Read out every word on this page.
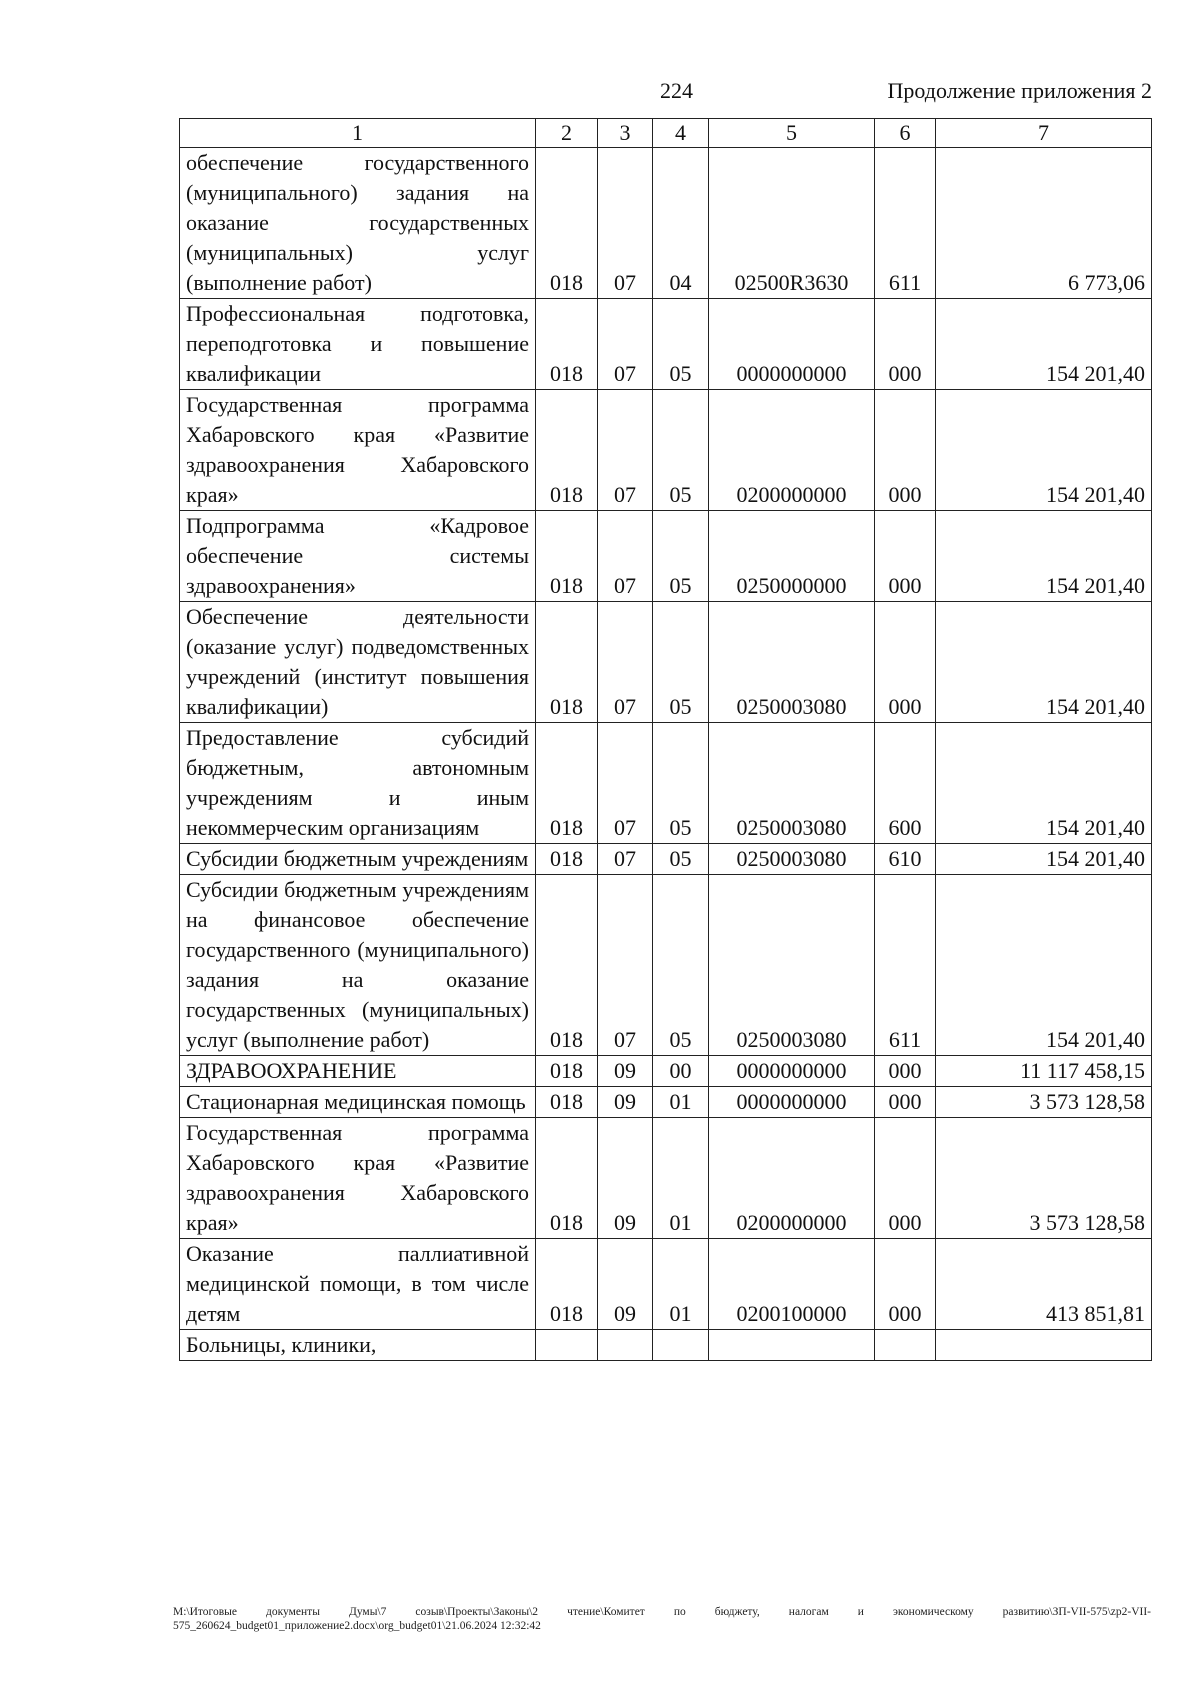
224	Продолжение приложения 2
1	2	3	4	5	6	7
обеспечение государственного (муниципального) задания на оказание государственных (муниципальных) услуг (выполнение работ)	018	07	04	02500R3630	611	6 773,06
Профессиональная подготовка, переподготовка и повышение квалификации	018	07	05	0000000000	000	154 201,40
Государственная программа Хабаровского края «Развитие здравоохранения Хабаровского края»	018	07	05	0200000000	000	154 201,40
Подпрограмма «Кадровое обеспечение системы здравоохранения»	018	07	05	0250000000	000	154 201,40
Обеспечение деятельности (оказание услуг) подведомственных учреждений (институт повышения квалификации)	018	07	05	0250003080	000	154 201,40
Предоставление субсидий бюджетным, автономным учреждениям и иным некоммерческим организациям	018	07	05	0250003080	600	154 201,40
Субсидии бюджетным учреждениям	018	07	05	0250003080	610	154 201,40
Субсидии бюджетным учреждениям на финансовое обеспечение государственного (муниципального) задания на оказание государственных (муниципальных) услуг (выполнение работ)	018	07	05	0250003080	611	154 201,40
ЗДРАВООХРАНЕНИЕ	018	09	00	0000000000	000	11 117 458,15
Стационарная медицинская помощь	018	09	01	0000000000	000	3 573 128,58
Государственная программа Хабаровского края «Развитие здравоохранения Хабаровского края»	018	09	01	0200000000	000	3 573 128,58
Оказание паллиативной медицинской помощи, в том числе детям	018	09	01	0200100000	000	413 851,81
Больницы, клиники,						
M:\Итоговые документы Думы\7 созыв\Проекты\Законы\2 чтение\Комитет по бюджету, налогам и экономическому развитию\ЗП-VII-575\zp2-VII-575_260624_budget01_приложение2.docx\org_budget01\21.06.2024 12:32:42
